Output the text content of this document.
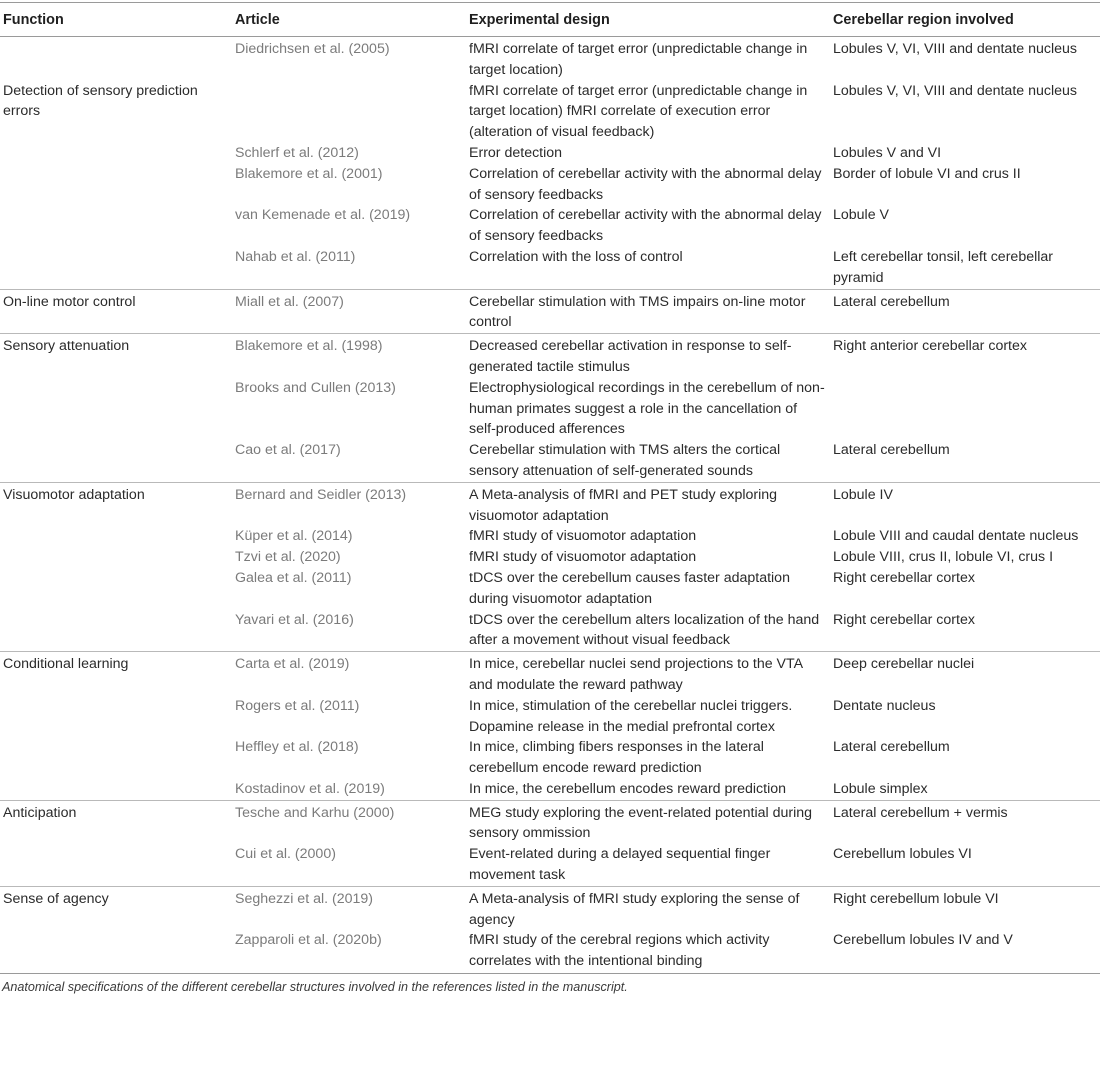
Function	Article	Experimental design	Cerebellar region involved
	Diedrichsen et al. (2005)	fMRI correlate of target error (unpredictable change in target location)	Lobules V, VI, VIII and dentate nucleus
Detection of sensory prediction errors		fMRI correlate of target error (unpredictable change in target location) fMRI correlate of execution error (alteration of visual feedback)	Lobules V, VI, VIII and dentate nucleus
	Schlerf et al. (2012)	Error detection	Lobules V and VI
	Blakemore et al. (2001)	Correlation of cerebellar activity with the abnormal delay of sensory feedbacks	Border of lobule VI and crus II
	van Kemenade et al. (2019)	Correlation of cerebellar activity with the abnormal delay of sensory feedbacks	Lobule V
	Nahab et al. (2011)	Correlation with the loss of control	Left cerebellar tonsil, left cerebellar pyramid
On-line motor control	Miall et al. (2007)	Cerebellar stimulation with TMS impairs on-line motor control	Lateral cerebellum
Sensory attenuation	Blakemore et al. (1998)	Decreased cerebellar activation in response to self-generated tactile stimulus	Right anterior cerebellar cortex
	Brooks and Cullen (2013)	Electrophysiological recordings in the cerebellum of non-human primates suggest a role in the cancellation of self-produced afferences	
	Cao et al. (2017)	Cerebellar stimulation with TMS alters the cortical sensory attenuation of self-generated sounds	Lateral cerebellum
Visuomotor adaptation	Bernard and Seidler (2013)	A Meta-analysis of fMRI and PET study exploring visuomotor adaptation	Lobule IV
	Küper et al. (2014)	fMRI study of visuomotor adaptation	Lobule VIII and caudal dentate nucleus
	Tzvi et al. (2020)	fMRI study of visuomotor adaptation	Lobule VIII, crus II, lobule VI, crus I
	Galea et al. (2011)	tDCS over the cerebellum causes faster adaptation during visuomotor adaptation	Right cerebellar cortex
	Yavari et al. (2016)	tDCS over the cerebellum alters localization of the hand after a movement without visual feedback	Right cerebellar cortex
Conditional learning	Carta et al. (2019)	In mice, cerebellar nuclei send projections to the VTA and modulate the reward pathway	Deep cerebellar nuclei
	Rogers et al. (2011)	In mice, stimulation of the cerebellar nuclei triggers. Dopamine release in the medial prefrontal cortex	Dentate nucleus
	Heffley et al. (2018)	In mice, climbing fibers responses in the lateral cerebellum encode reward prediction	Lateral cerebellum
	Kostadinov et al. (2019)	In mice, the cerebellum encodes reward prediction	Lobule simplex
Anticipation	Tesche and Karhu (2000)	MEG study exploring the event-related potential during sensory ommission	Lateral cerebellum + vermis
	Cui et al. (2000)	Event-related during a delayed sequential finger movement task	Cerebellum lobules VI
Sense of agency	Seghezzi et al. (2019)	A Meta-analysis of fMRI study exploring the sense of agency	Right cerebellum lobule VI
	Zapparoli et al. (2020b)	fMRI study of the cerebral regions which activity correlates with the intentional binding	Cerebellum lobules IV and V
Anatomical specifications of the different cerebellar structures involved in the references listed in the manuscript.
